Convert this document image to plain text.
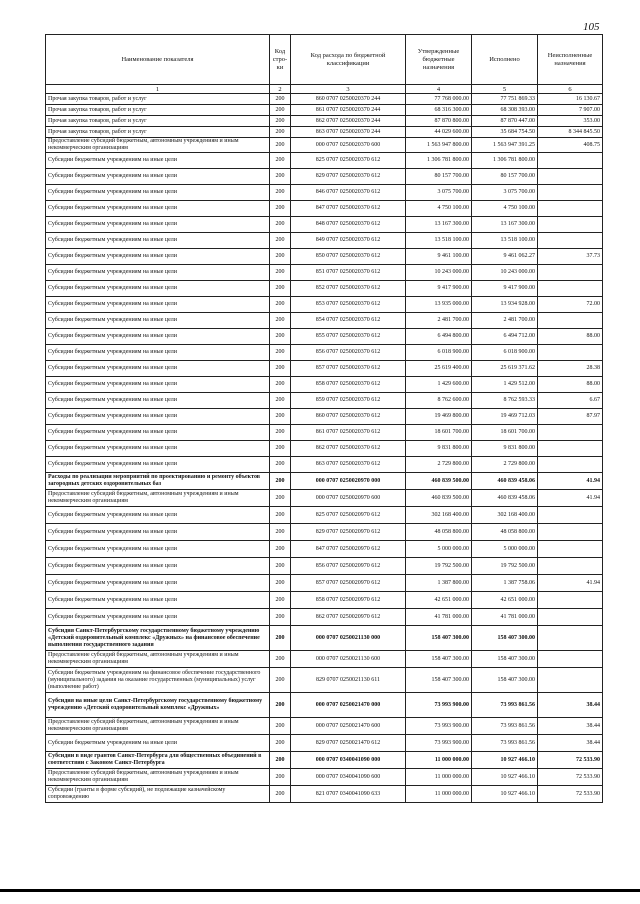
105
Наименование показателя	Код стро-ки	Код расхода по бюджетной классификации	Утвержденные бюджетные назначения	Исполнено	Неисполненные назначения
1	2	3	4	5	6
Прочая закупка товаров, работ и услуг	200	860 0707 0250020370 244	77 768 000.00	77 751 869.33	16 130.67
Прочая закупка товаров, работ и услуг	200	861 0707 0250020370 244	68 316 300.00	68 308 393.00	7 907.00
Прочая закупка товаров, работ и услуг	200	862 0707 0250020370 244	87 870 800.00	87 870 447.00	353.00
Прочая закупка товаров, работ и услуг	200	863 0707 0250020370 244	44 029 600.00	35 684 754.50	8 344 845.50
Предоставление субсидий бюджетным, автономным учреждениям и иным некоммерческим организациям	200	000 0707 0250020370 600	1 563 947 800.00	1 563 947 391.25	408.75
Субсидии бюджетным учреждениям на иные цели	200	825 0707 0250020370 612	1 306 781 800.00	1 306 781 800.00	
Субсидии бюджетным учреждениям на иные цели	200	829 0707 0250020370 612	80 157 700.00	80 157 700.00	
Субсидии бюджетным учреждениям на иные цели	200	846 0707 0250020370 612	3 075 700.00	3 075 700.00	
Субсидии бюджетным учреждениям на иные цели	200	847 0707 0250020370 612	4 750 100.00	4 750 100.00	
Субсидии бюджетным учреждениям на иные цели	200	848 0707 0250020370 612	13 167 300.00	13 167 300.00	
Субсидии бюджетным учреждениям на иные цели	200	849 0707 0250020370 612	13 518 100.00	13 518 100.00	
Субсидии бюджетным учреждениям на иные цели	200	850 0707 0250020370 612	9 461 100.00	9 461 062.27	37.73
Субсидии бюджетным учреждениям на иные цели	200	851 0707 0250020370 612	10 243 000.00	10 243 000.00	
Субсидии бюджетным учреждениям на иные цели	200	852 0707 0250020370 612	9 417 900.00	9 417 900.00	
Субсидии бюджетным учреждениям на иные цели	200	853 0707 0250020370 612	13 935 000.00	13 934 928.00	72.00
Субсидии бюджетным учреждениям на иные цели	200	854 0707 0250020370 612	2 481 700.00	2 481 700.00	
Субсидии бюджетным учреждениям на иные цели	200	855 0707 0250020370 612	6 494 800.00	6 494 712.00	88.00
Субсидии бюджетным учреждениям на иные цели	200	856 0707 0250020370 612	6 018 900.00	6 018 900.00	
Субсидии бюджетным учреждениям на иные цели	200	857 0707 0250020370 612	25 619 400.00	25 619 371.62	28.38
Субсидии бюджетным учреждениям на иные цели	200	858 0707 0250020370 612	1 429 600.00	1 429 512.00	88.00
Субсидии бюджетным учреждениям на иные цели	200	859 0707 0250020370 612	8 762 600.00	8 762 593.33	6.67
Субсидии бюджетным учреждениям на иные цели	200	860 0707 0250020370 612	19 469 800.00	19 469 712.03	87.97
Субсидии бюджетным учреждениям на иные цели	200	861 0707 0250020370 612	18 601 700.00	18 601 700.00	
Субсидии бюджетным учреждениям на иные цели	200	862 0707 0250020370 612	9 831 800.00	9 831 800.00	
Субсидии бюджетным учреждениям на иные цели	200	863 0707 0250020370 612	2 729 800.00	2 729 800.00	
Расходы по реализации мероприятий по проектированию и ремонту объектов загородных детских оздоровительных баз	200	000 0707 0250020970 000	460 839 500.00	460 839 458.06	41.94
Предоставление субсидий бюджетным, автономным учреждениям и иным некоммерческим организациям	200	000 0707 0250020970 600	460 839 500.00	460 839 458.06	41.94
Субсидии бюджетным учреждениям на иные цели	200	825 0707 0250020970 612	302 168 400.00	302 168 400.00	
Субсидии бюджетным учреждениям на иные цели	200	829 0707 0250020970 612	48 058 800.00	48 058 800.00	
Субсидии бюджетным учреждениям на иные цели	200	847 0707 0250020970 612	5 000 000.00	5 000 000.00	
Субсидии бюджетным учреждениям на иные цели	200	856 0707 0250020970 612	19 792 500.00	19 792 500.00	
Субсидии бюджетным учреждениям на иные цели	200	857 0707 0250020970 612	1 387 800.00	1 387 758.06	41.94
Субсидии бюджетным учреждениям на иные цели	200	858 0707 0250020970 612	42 651 000.00	42 651 000.00	
Субсидии бюджетным учреждениям на иные цели	200	862 0707 0250020970 612	41 781 000.00	41 781 000.00	
Субсидия Санкт-Петербургскому государственному бюджетному учреждению «Детский оздоровительный комплекс «Дружных» на финансовое обеспечение выполнения государственного задания	200	000 0707 0250021130 000	158 407 300.00	158 407 300.00	
Предоставление субсидий бюджетным, автономным учреждениям и иным некоммерческим организациям	200	000 0707 0250021130 600	158 407 300.00	158 407 300.00	
Субсидии бюджетным учреждениям на финансовое обеспечение государственного (муниципального) задания на оказание государственных (муниципальных) услуг (выполнение работ)	200	829 0707 0250021130 611	158 407 300.00	158 407 300.00	
Субсидия на иные цели Санкт-Петербургскому государственному бюджетному учреждению «Детский оздоровительный комплекс «Дружных»	200	000 0707 0250021470 000	73 993 900.00	73 993 861.56	38.44
Предоставление субсидий бюджетным, автономным учреждениям и иным некоммерческим организациям	200	000 0707 0250021470 600	73 993 900.00	73 993 861.56	38.44
Субсидии бюджетным учреждениям на иные цели	200	829 0707 0250021470 612	73 993 900.00	73 993 861.56	38.44
Субсидии в виде грантов Санкт-Петербурга для общественных объединений в соответствии с Законом Санкт-Петербурга	200	000 0707 0340041090 000	11 000 000.00	10 927 466.10	72 533.90
Предоставление субсидий бюджетным, автономным учреждениям и иным некоммерческим организациям	200	000 0707 0340041090 600	11 000 000.00	10 927 466.10	72 533.90
Субсидии (гранты в форме субсидий), не подлежащие казначейскому сопровождению	200	821 0707 0340041090 633	11 000 000.00	10 927 466.10	72 533.90
